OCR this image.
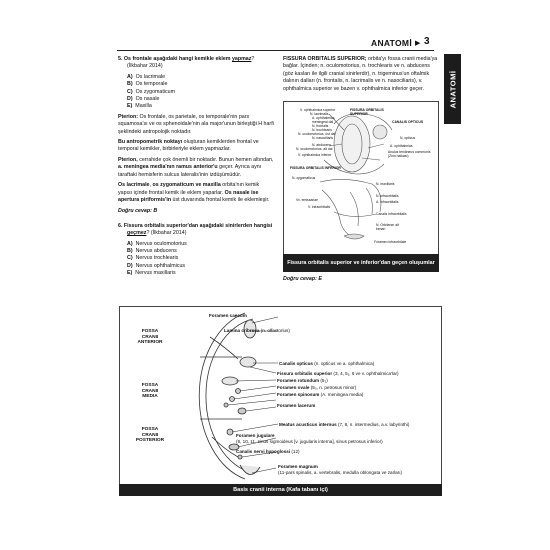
ANATOMİ ▶ 3
ANATOMİ

5. Os frontale aşağıdaki hangi kemikle eklem yapmaz? (İlkbahar 2014)

A) Os lacrimale
B) Os temporale
C) Os zygomaticum
D) Os nasale
E) Maxilla

Pterion: Os frontale, os parietale, os temporale'nin pars squamosa'sı ve os sphenoidale'nin ala major'unun birleştiği H harfi şeklindeki antropolojik noktadır.

Bu antropometrik noktayı oluşturan kemiklerden frontal ve temporal kemikler, birbirleriyle eklem yapmazlar.

Pterion, cerrahide çok önemli bir noktadır. Bunun hemen altından, a. meningea media'nın ramus anterior'u geçer. Ayrıca aynı taraftaki hemisferin sulcus lateralis'inin izdüşümüdür.

Os lacrimale, os zygomaticum ve maxilla orbita'nın kemik yapısı içinde frontal kemik ile eklem yaparlar. Os nasale ise apertura piriformis'in üst duvarında frontal kemik ile eklemleşir.

Doğru cevap: B

6. Fissura orbitalis superior'dan aşağıdaki sinirlerden hangisi geçmez? (İlkbahar 2014)

A) Nervus oculomotorius
B) Nervus abducens
C) Nervus trochlearis
D) Nervus ophthalmicus
E) Nervus maxillaris

FISSURA ORBITALIS SUPERIOR; orbita'yı fossa cranii media'ya bağlar. İçinden; n. oculomotorius, n. trochlearis ve n. abducens (göz kasları ile ilgili cranial sinirlerdir), n. trigeminus'un oftalmik dalının dalları (n. frontalis, n. lacrimalis ve n. nasociliaris), v. ophthalmica superior ve bazen v. ophthalmica inferior geçer.

V. ophthalmica superior
N. lacrimalis
A. ophthalmica, meningeal dal
N. frontalis
N. trochlearis
N. oculomotorius, üst dal
N. nasociliaris
N. abducens
N. oculomotorius, alt dal
V. ophthalmica inferior
FISSURA ORBITALIS SUPERIOR
CANALIS OPTICUS
N. opticus
A. ophthalmica
Anulus tendineus communis (Zinn halkası)
FISSURA ORBITALIS INFERIOR
N. zygomaticus
N. maxillaris
N. infraorbitalis
Vv. emissariae	A. infraorbitalis
V. infraorbitalis
Canalis infraorbitalis
N. Orbitanın alt kenarı
Foramen infraorbitale
Fissura orbitalis superior ve inferior'dan geçen oluşumlar
Doğru cevap: E
FOSSA
CRANII
ANTERIOR
FOSSA
CRANII
MEDIA
FOSSA
CRANII
POSTERIOR
Foramen caecum
Lamina cribrosa (n. olfactorius)
Canalis opticus (n. opticus ve a. ophthalmica)
Fissura orbitalis superior (3, 4, 5₁, 6 ve v. ophthalmica'lar)
Foramen rotundum (5₂)
Foramen ovale (5₃, n. petrosus minor)
Foramen spinosum (A. meningea media)
Foramen lacerum
Meatus acusticus internus (7, 8, n. intermedius, a.v. labyrinthi)
Foramen jugulare
(9, 10, 11, sinus sigmoideus [v. jugularis interna], sinus petrosus inferior)
Canalis nervi hypoglossi (12)
Foramen magnum
(11-pars spinalis, a. vertebralis, medulla oblongata ve zarları)
Basis cranii interna (Kafa tabanı içi)
